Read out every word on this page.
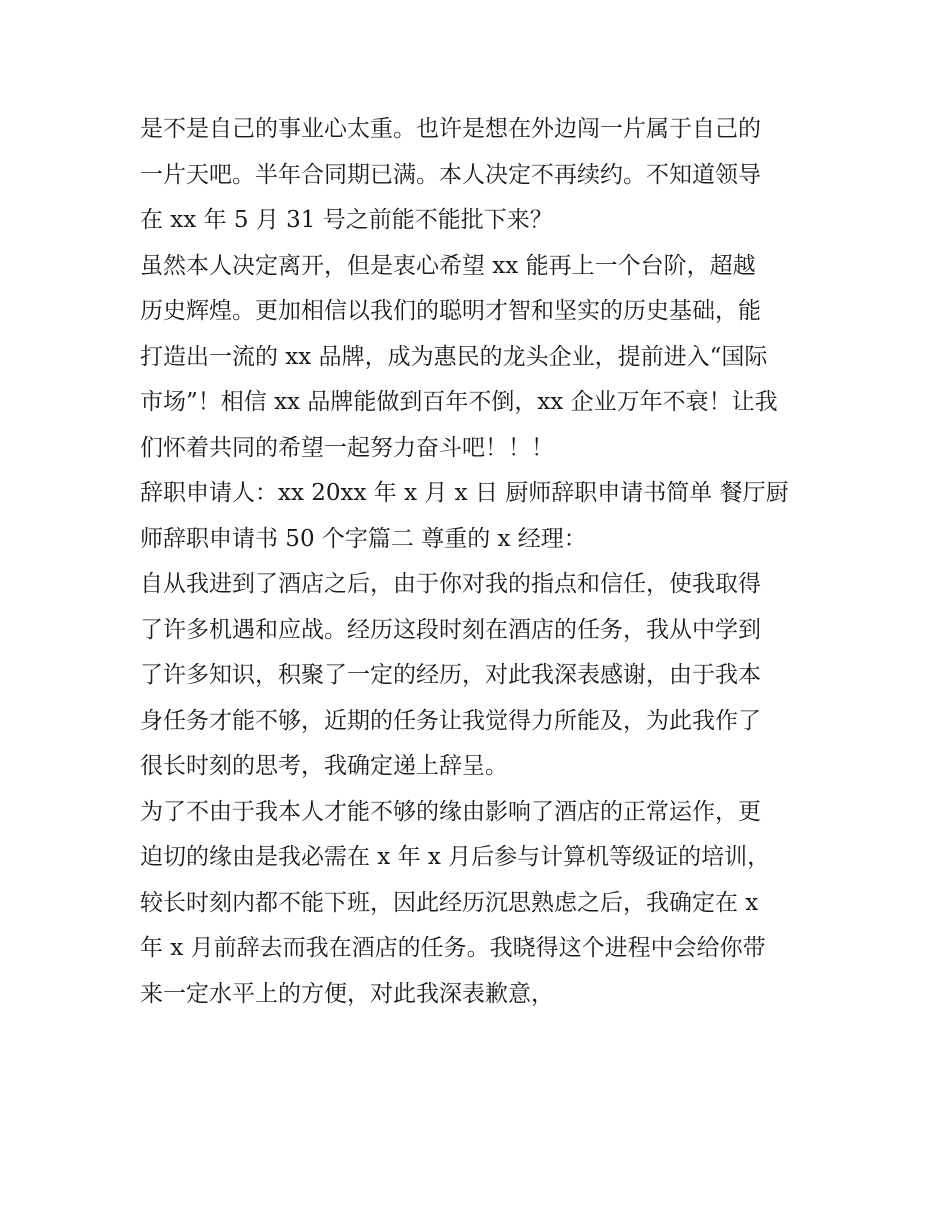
是不是自己的事业心太重。也许是想在外边闯一片属于自己的
一片天吧。半年合同期已满。本人决定不再续约。不知道领导
在 xx 年 5 月 31 号之前能不能批下来？
虽然本人决定离开，但是衷心希望 xx 能再上一个台阶，超越
历史辉煌。更加相信以我们的聪明才智和坚实的历史基础，能
打造出一流的 xx 品牌，成为惠民的龙头企业，提前进入“国际
市场”！相信 xx 品牌能做到百年不倒，xx 企业万年不衰！让我
们怀着共同的希望一起努力奋斗吧！！！
辞职申请人：xx 20xx 年 x 月 x 日 厨师辞职申请书简单 餐厅厨
师辞职申请书 50 个字篇二 尊重的 x 经理：
自从我进到了酒店之后，由于你对我的指点和信任，使我取得
了许多机遇和应战。经历这段时刻在酒店的任务，我从中学到
了许多知识，积聚了一定的经历，对此我深表感谢，由于我本
身任务才能不够，近期的任务让我觉得力所能及，为此我作了
很长时刻的思考，我确定递上辞呈。
为了不由于我本人才能不够的缘由影响了酒店的正常运作，更
迫切的缘由是我必需在 x 年 x 月后参与计算机等级证的培训，
较长时刻内都不能下班，因此经历沉思熟虑之后，我确定在 x
年 x 月前辞去而我在酒店的任务。我晓得这个进程中会给你带
来一定水平上的方便，对此我深表歉意，
